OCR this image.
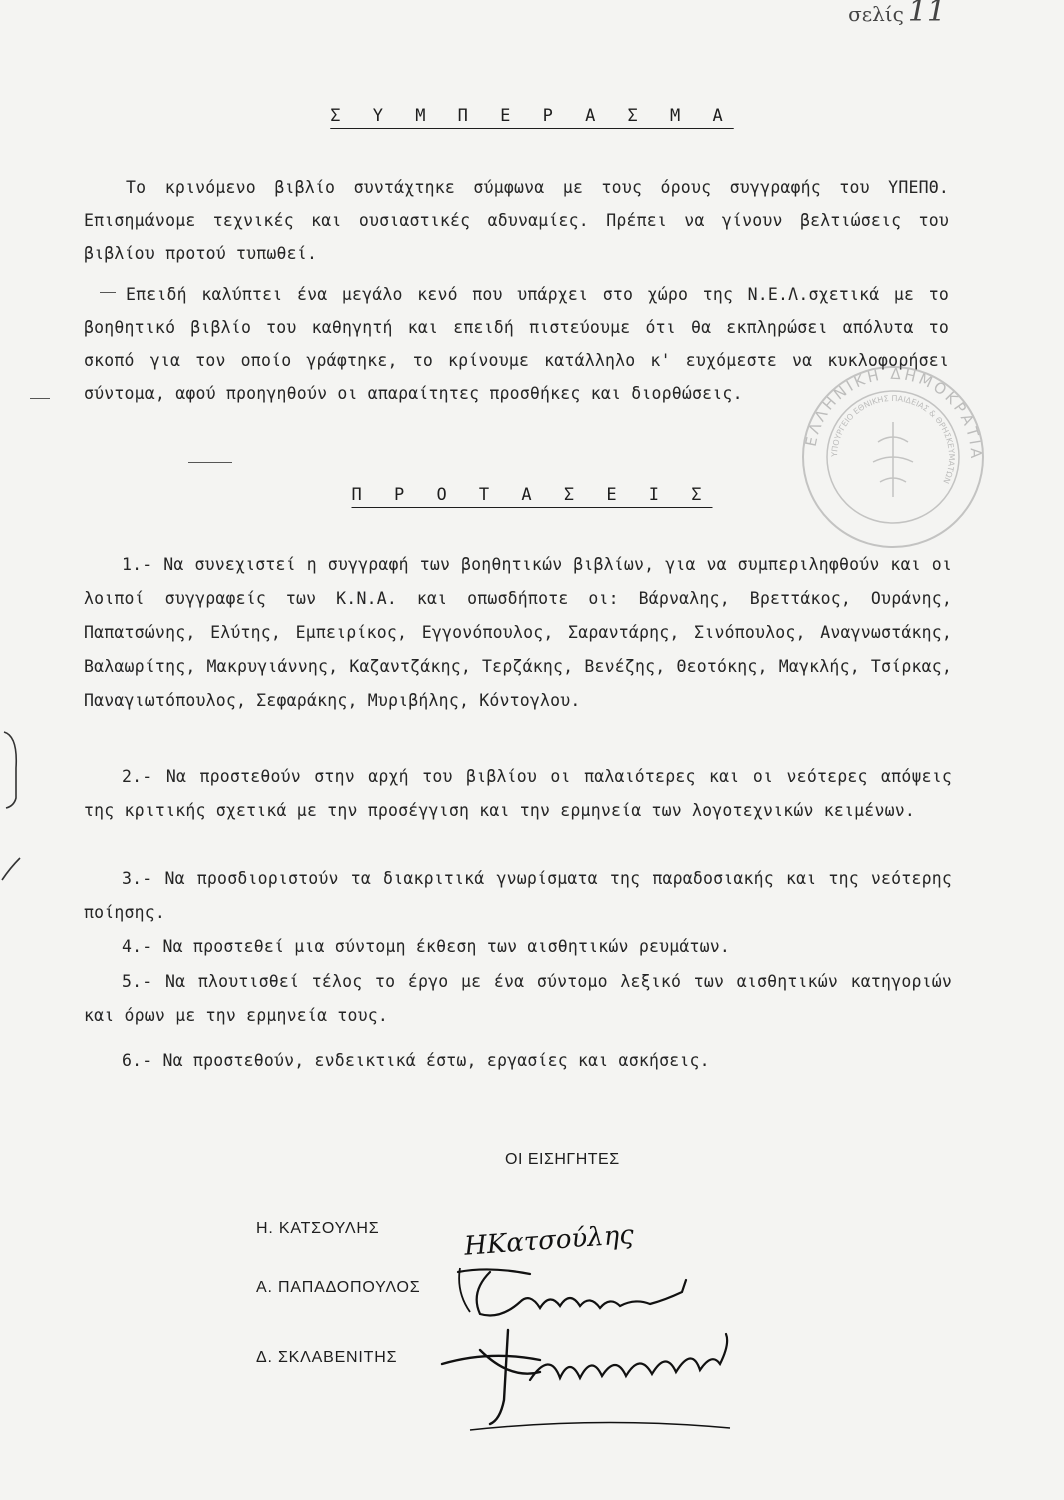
σελίς 11
Σ Υ Μ Π Ε Ρ Α Σ Μ Α
Το κρινόμενο βιβλίο συντάχτηκε σύμφωνα με τους όρους συγγραφής του ΥΠΕΠΘ. Επισημάνομε τεχνικές και ουσιαστικές αδυναμίες. Πρέπει να γίνουν βελτιώσεις του βιβλίου προτού τυπωθεί.
Επειδή καλύπτει ένα μεγάλο κενό που υπάρχει στο χώρο της Ν.Ε.Λ.σχετικά με το βοηθητικό βιβλίο του καθηγητή και επειδή πιστεύουμε ότι θα εκπληρώσει απόλυτα το σκοπό για τον οποίο γράφτηκε, το κρίνουμε κατάλληλο κ' ευχόμεστε να κυκλοφορήσει σύντομα, αφού προηγηθούν οι απαραίτητες προσθήκες και διορθώσεις.
Π Ρ Ο Τ Α Σ Ε Ι Σ
1.- Να συνεχιστεί η συγγραφή των βοηθητικών βιβλίων, για να συμπεριληφθούν και οι λοιποί συγγραφείς των Κ.Ν.Α. και οπωσδήποτε οι: Βάρναλης, Βρεττάκος, Ουράνης, Παπατσώνης, Ελύτης, Εμπειρίκος, Εγγονόπουλος, Σαραντάρης, Σινόπουλος, Αναγνωστάκης, Βαλαωρίτης, Μακρυγιάννης, Καζαντζάκης, Τερζάκης, Βενέζης, Θεοτόκης, Μαγκλής, Τσίρκας, Παναγιωτόπουλος, Σεφαράκης, Μυριβήλης, Κόντογλου.
2.- Να προστεθούν στην αρχή του βιβλίου οι παλαιότερες και οι νεότερες απόψεις της κριτικής σχετικά με την προσέγγιση και την ερμηνεία των λογοτεχνικών κειμένων.
3.- Να προσδιοριστούν τα διακριτικά γνωρίσματα της παραδοσιακής και της νεότερης ποίησης.
4.- Να προστεθεί μια σύντομη έκθεση των αισθητικών ρευμάτων.
5.- Να πλουτισθεί τέλος το έργο με ένα σύντομο λεξικό των αισθητικών κατηγοριών και όρων με την ερμηνεία τους.
6.- Να προστεθούν, ενδεικτικά έστω, εργασίες και ασκήσεις.
ΕΛΛΗΝΙΚΗ ΔΗΜΟΚΡΑΤΙΑ
ΥΠΟΥΡΓΕΙΟ ΕΘΝΙΚΗΣ ΠΑΙΔΕΙΑΣ & ΘΡΗΣΚΕΥΜΑΤΩΝ
ΟΙ ΕΙΣΗΓΗΤΕΣ
Η. ΚΑΤΣΟΥΛΗΣ
Α. ΠΑΠΑΔΟΠΟΥΛΟΣ
Δ. ΣΚΛΑΒΕΝΙΤΗΣ
ΗΚατσούλης
